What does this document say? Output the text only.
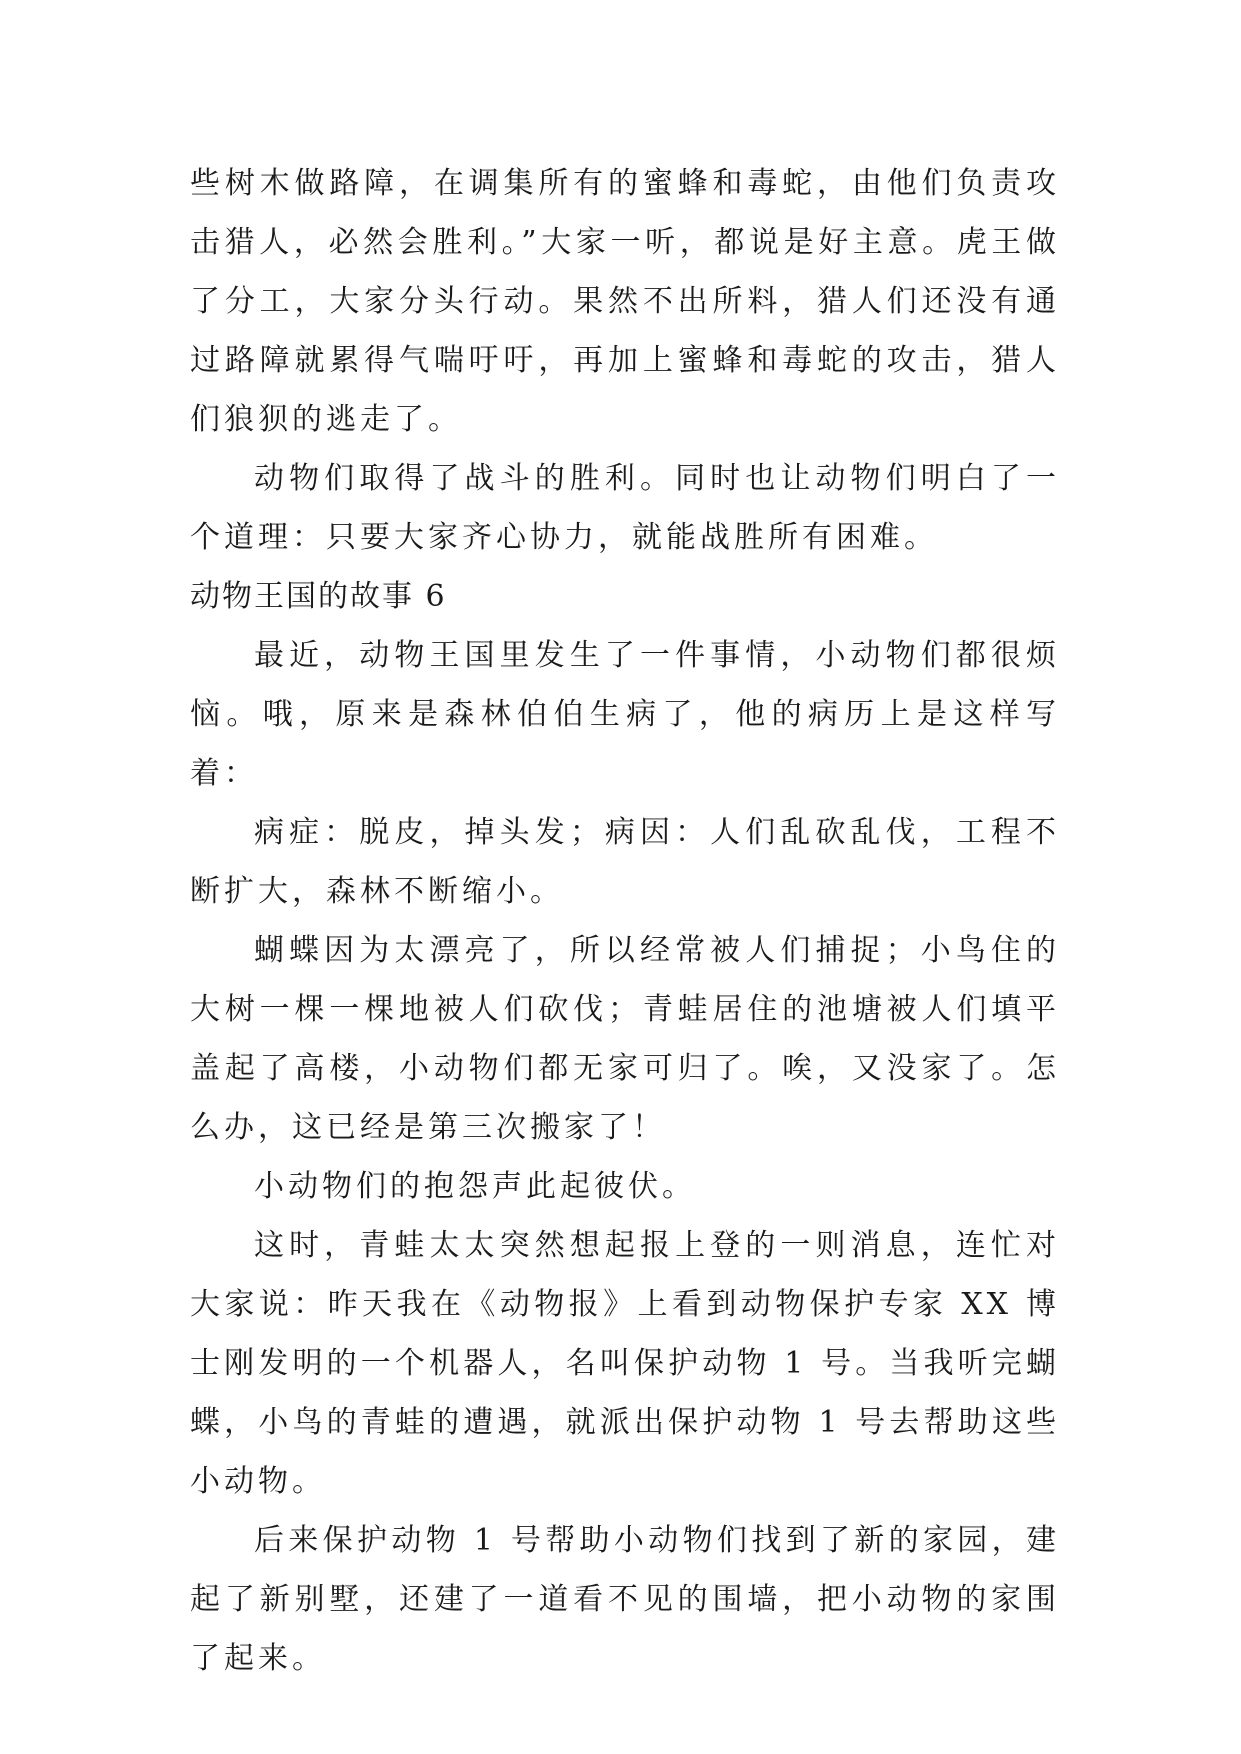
些树木做路障，在调集所有的蜜蜂和毒蛇，由他们负责攻击猎人，必然会胜利。”大家一听，都说是好主意。虎王做了分工，大家分头行动。果然不出所料，猎人们还没有通过路障就累得气喘吁吁，再加上蜜蜂和毒蛇的攻击，猎人们狼狈的逃走了。

动物们取得了战斗的胜利。同时也让动物们明白了一个道理：只要大家齐心协力，就能战胜所有困难。

动物王国的故事 6

最近，动物王国里发生了一件事情，小动物们都很烦恼。哦，原来是森林伯伯生病了，他的病历上是这样写着：

病症：脱皮，掉头发；病因：人们乱砍乱伐，工程不断扩大，森林不断缩小。

蝴蝶因为太漂亮了，所以经常被人们捕捉；小鸟住的大树一棵一棵地被人们砍伐；青蛙居住的池塘被人们填平盖起了高楼，小动物们都无家可归了。唉，又没家了。怎么办，这已经是第三次搬家了！

小动物们的抱怨声此起彼伏。

这时，青蛙太太突然想起报上登的一则消息，连忙对大家说：昨天我在《动物报》上看到动物保护专家 XX 博士刚发明的一个机器人，名叫保护动物 1 号。当我听完蝴蝶，小鸟的青蛙的遭遇，就派出保护动物 1 号去帮助这些小动物。

后来保护动物 1 号帮助小动物们找到了新的家园，建起了新别墅，还建了一道看不见的围墙，把小动物的家围了起来。
